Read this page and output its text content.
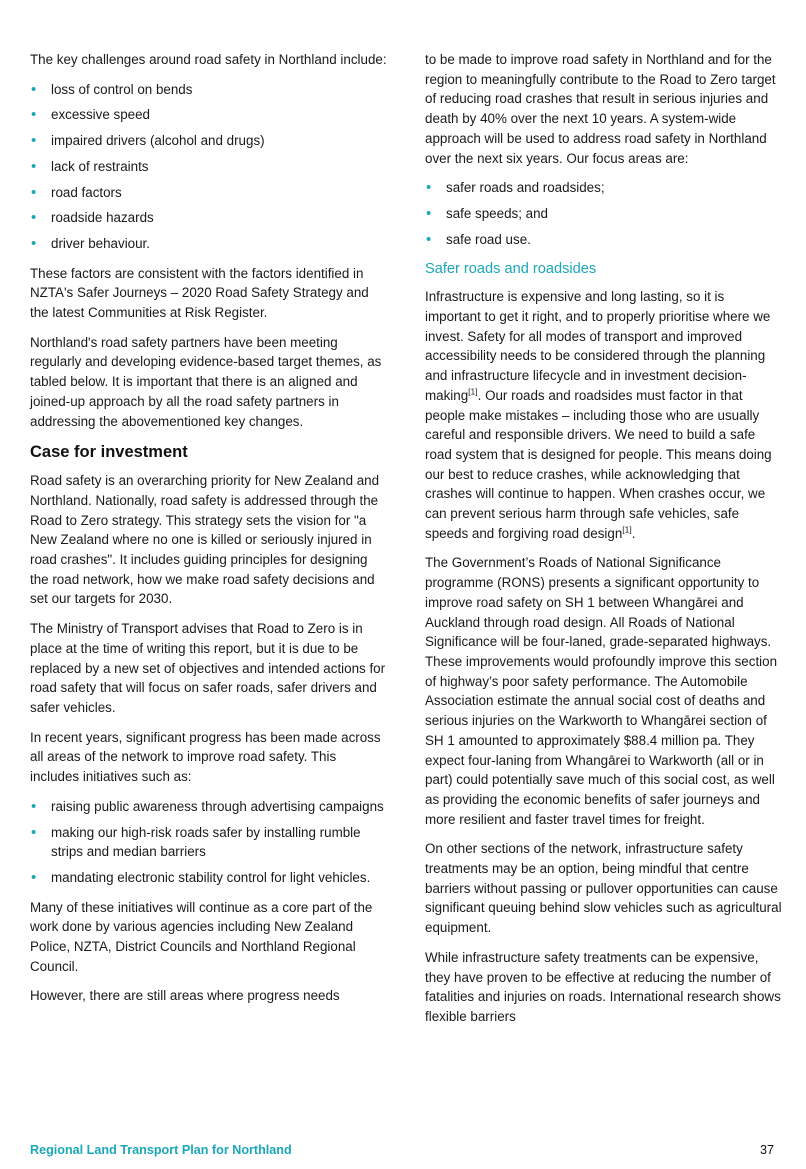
The key challenges around road safety in Northland include:

• loss of control on bends
• excessive speed
• impaired drivers (alcohol and drugs)
• lack of restraints
• road factors
• roadside hazards
• driver behaviour.

These factors are consistent with the factors identified in NZTA's Safer Journeys – 2020 Road Safety Strategy and the latest Communities at Risk Register.

Northland's road safety partners have been meeting regularly and developing evidence-based target themes, as tabled below. It is important that there is an aligned and joined-up approach by all the road safety partners in addressing the abovementioned key changes.

Case for investment

Road safety is an overarching priority for New Zealand and Northland. Nationally, road safety is addressed through the Road to Zero strategy. This strategy sets the vision for "a New Zealand where no one is killed or seriously injured in road crashes". It includes guiding principles for designing the road network, how we make road safety decisions and set our targets for 2030.

The Ministry of Transport advises that Road to Zero is in place at the time of writing this report, but it is due to be replaced by a new set of objectives and intended actions for road safety that will focus on safer roads, safer drivers and safer vehicles.

In recent years, significant progress has been made across all areas of the network to improve road safety. This includes initiatives such as:

• raising public awareness through advertising campaigns
• making our high-risk roads safer by installing rumble strips and median barriers
• mandating electronic stability control for light vehicles.

Many of these initiatives will continue as a core part of the work done by various agencies including New Zealand Police, NZTA, District Councils and Northland Regional Council.

However, there are still areas where progress needs

to be made to improve road safety in Northland and for the region to meaningfully contribute to the Road to Zero target of reducing road crashes that result in serious injuries and death by 40% over the next 10 years. A system-wide approach will be used to address road safety in Northland over the next six years. Our focus areas are:

• safer roads and roadsides;
• safe speeds; and
• safe road use.
Safer roads and roadsides

Infrastructure is expensive and long lasting, so it is important to get it right, and to properly prioritise where we invest. Safety for all modes of transport and improved accessibility needs to be considered through the planning and infrastructure lifecycle and in investment decision-making[1]. Our roads and roadsides must factor in that people make mistakes – including those who are usually careful and responsible drivers. We need to build a safe road system that is designed for people. This means doing our best to reduce crashes, while acknowledging that crashes will continue to happen. When crashes occur, we can prevent serious harm through safe vehicles, safe speeds and forgiving road design[1].

The Government’s Roads of National Significance programme (RONS) presents a significant opportunity to improve road safety on SH 1 between Whangārei and Auckland through road design. All Roads of National Significance will be four-laned, grade-separated highways. These improvements would profoundly improve this section of highway’s poor safety performance. The Automobile Association estimate the annual social cost of deaths and serious injuries on the Warkworth to Whangārei section of SH 1 amounted to approximately $88.4 million pa. They expect four-laning from Whangārei to Warkworth (all or in part) could potentially save much of this social cost, as well as providing the economic benefits of safer journeys and more resilient and faster travel times for freight.

On other sections of the network, infrastructure safety treatments may be an option, being mindful that centre barriers without passing or pullover opportunities can cause significant queuing behind slow vehicles such as agricultural equipment.

While infrastructure safety treatments can be expensive, they have proven to be effective at reducing the number of fatalities and injuries on roads. International research shows flexible barriers

Regional Land Transport Plan for Northland	37
